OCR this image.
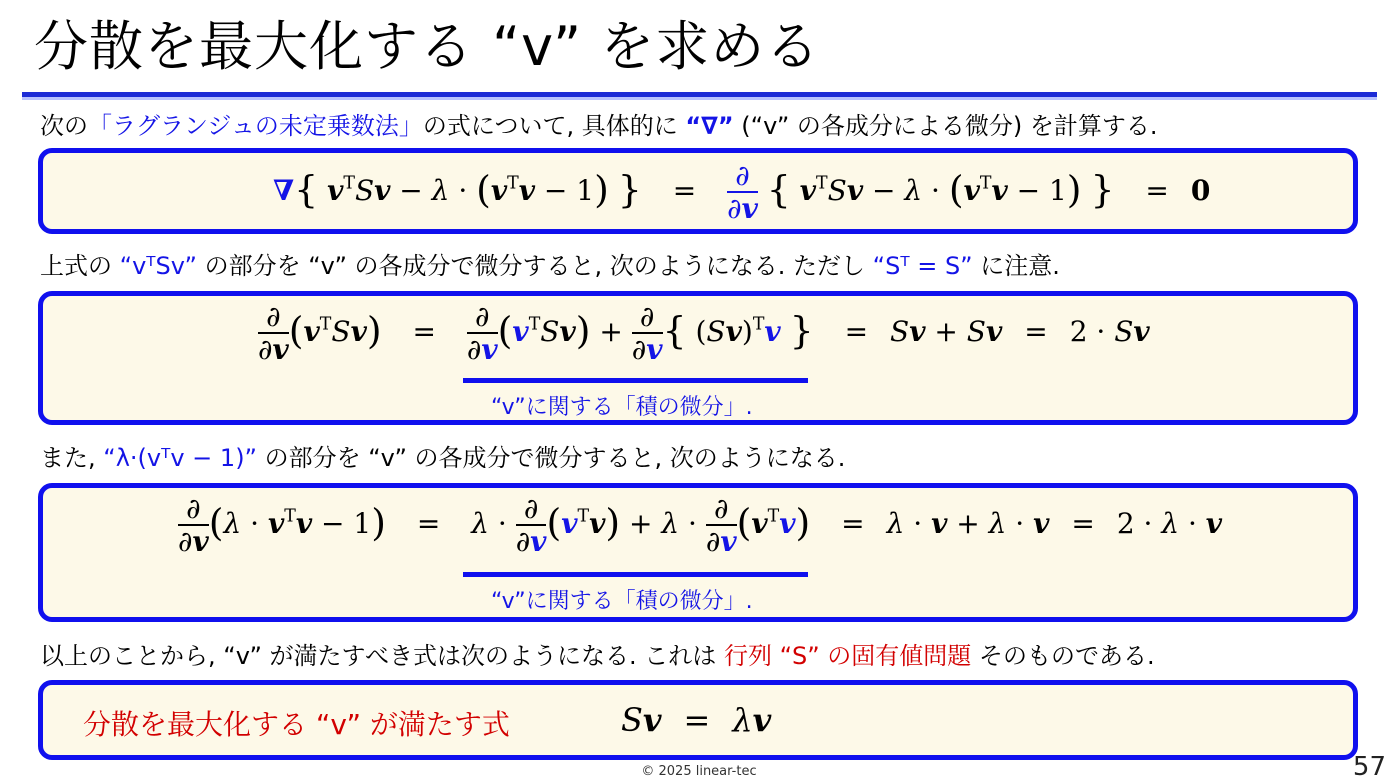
分散を最大化する “v” を求める
次の「ラグランジュの未定乗数法」の式について, 具体的に “∇” (“v” の各成分による微分) を計算する.
∇{ $v^TSv - \lambda \cdot (v^Tv - 1)$ } = $\frac{\partial}{\partial v}$ { $v^TSv - \lambda \cdot (v^Tv - 1)$ } = 0
上式の “vᵀSv” の部分を “v” の各成分で微分すると, 次のようになる. ただし “Sᵀ = S” に注意.
$\frac{\partial}{\partial v} (v^TSv) = \frac{\partial}{\partial v} (v^TSv) + \frac{\partial}{\partial v}$ { $(Sv)^Tv$ } = Sv + Sv = 2 · Sv
“v”に関する「積の微分」.
また, “λ·(vᵀv − 1)” の部分を “v” の各成分で微分すると, 次のようになる.
$\frac{\partial}{\partial v} (\lambda \cdot v^Tv - 1) = \lambda \cdot \frac{\partial}{\partial v} (v^Tv) + \lambda \cdot \frac{\partial}{\partial v} (v^Tv) = \lambda \cdot v + \lambda \cdot v = 2 \cdot \lambda \cdot v$
“v”に関する「積の微分」.
以上のことから, “v” が満たすべき式は次のようになる. これは 行列 “S” の固有値問題 そのものである.
分散を最大化する “v” が満たす式	Sv = λv
© 2025 linear-tec	57
